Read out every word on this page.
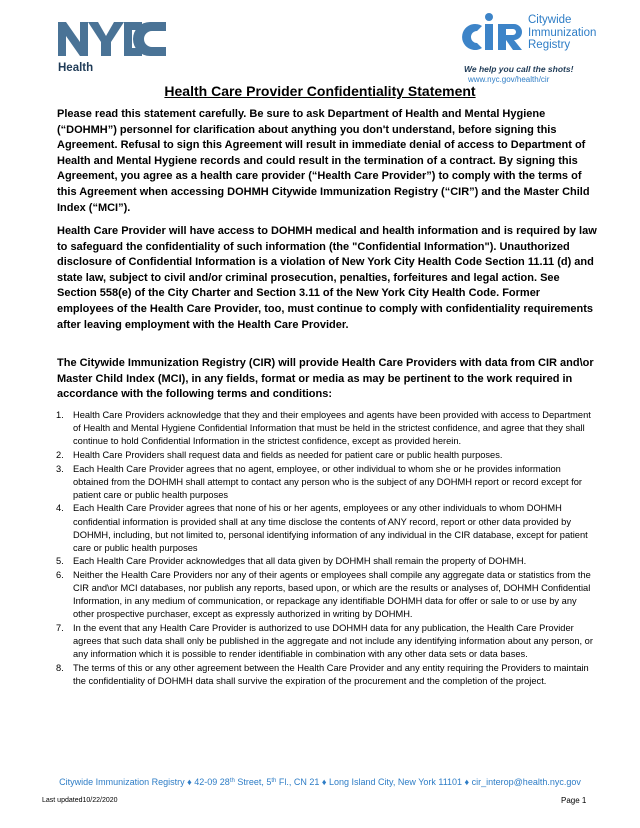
Health
Citywide
Immunization
Registry
We help you call the shots!
www.nyc.gov/health/cir
Health Care Provider Confidentiality Statement

Please read this statement carefully. Be sure to ask Department of Health and Mental Hygiene (“DOHMH”) personnel for clarification about anything you don't understand, before signing this Agreement. Refusal to sign this Agreement will result in immediate denial of access to Department of Health and Mental Hygiene records and could result in the termination of a contract. By signing this Agreement, you agree as a health care provider (“Health Care Provider”) to comply with the terms of this Agreement when accessing DOHMH Citywide Immunization Registry (“CIR”) and the Master Child Index (“MCI”).

Health Care Provider will have access to DOHMH medical and health information and is required by law to safeguard the confidentiality of such information (the "Confidential Information"). Unauthorized disclosure of Confidential Information is a violation of New York City Health Code Section 11.11 (d) and state law, subject to civil and/or criminal prosecution, penalties, forfeitures and legal action. See Section 558(e) of the City Charter and Section 3.11 of the New York City Health Code. Former employees of the Health Care Provider, too, must continue to comply with confidentiality requirements after leaving employment with the Health Care Provider.

The Citywide Immunization Registry (CIR) will provide Health Care Providers with data from CIR and\or Master Child Index (MCI), in any fields, format or media as may be pertinent to the work required in accordance with the following terms and conditions:

1. Health Care Providers acknowledge that they and their employees and agents have been provided with access to Department of Health and Mental Hygiene Confidential Information that must be held in the strictest confidence, and agree that they shall continue to hold Confidential Information in the strictest confidence, except as provided herein.
2. Health Care Providers shall request data and fields as needed for patient care or public health purposes.
3. Each Health Care Provider agrees that no agent, employee, or other individual to whom she or he provides information obtained from the DOHMH shall attempt to contact any person who is the subject of any DOHMH report or record except for patient care or public health purposes
4. Each Health Care Provider agrees that none of his or her agents, employees or any other individuals to whom DOHMH confidential information is provided shall at any time disclose the contents of ANY record, report or other data provided by DOHMH, including, but not limited to, personal identifying information of any individual in the CIR database, except for patient care or public health purposes
5. Each Health Care Provider acknowledges that all data given by DOHMH shall remain the property of DOHMH.
6. Neither the Health Care Providers nor any of their agents or employees shall compile any aggregate data or statistics from the CIR and\or MCI databases, nor publish any reports, based upon, or which are the results or analyses of, DOHMH Confidential Information, in any medium of communication, or repackage any identifiable DOHMH data for offer or sale to or use by any other prospective purchaser, except as expressly authorized in writing by DOHMH.
7. In the event that any Health Care Provider is authorized to use DOHMH data for any publication, the Health Care Provider agrees that such data shall only be published in the aggregate and not include any identifying information about any person, or any information which it is possible to render identifiable in combination with any other data sets or data bases.
8. The terms of this or any other agreement between the Health Care Provider and any entity requiring the Providers to maintain the confidentiality of DOHMH data shall survive the expiration of the procurement and the completion of the project.
Citywide Immunization Registry ♦ 42-09 28th Street, 5th Fl., CN 21 ♦ Long Island City, New York 11101 ♦ cir_interop@health.nyc.gov
Last updated10/22/2020	Page 1
